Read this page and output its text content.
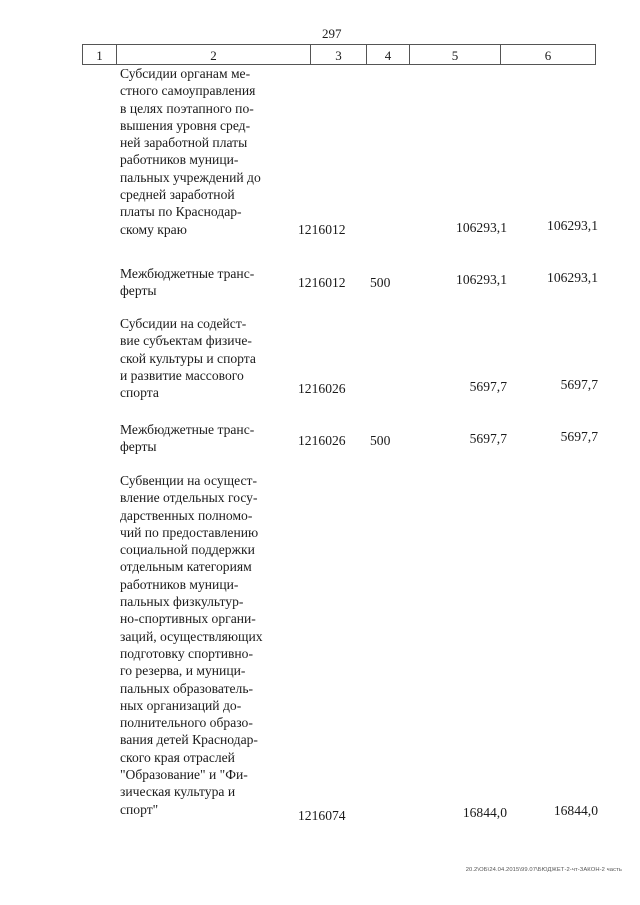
297
1	2	3	4	5	6
Субсидии органам ме-
стного самоуправления
в целях поэтапного по-
вышения уровня сред-
ней заработной платы
работников муници-
пальных учреждений до
средней заработной
платы по Краснодар-
скому краю	1216012	106293,1	106293,1
Межбюджетные транс-
ферты
1216012 500	106293,1	106293,1
Субсидии на содейст-
вие субъектам физиче-
ской культуры и спорта
и развитие массового
спорта	1216026	5697,7	5697,7
Межбюджетные транс-
ферты	1216026 500	5697,7	5697,7
Субвенции на осущест-
вление отдельных госу-
дарственных полномо-
чий по предоставлению
социальной поддержки
отдельным категориям
работников муници-
пальных физкультур-
но-спортивных органи-
заций, осуществляющих
подготовку спортивно-
го резерва, и муници-
пальных образователь-
ных организаций до-
полнительного образо-
вания детей Краснодар-
ского края отраслей
"Образование" и "Фи-
зическая культура и
спорт"	1216074	16844,0	16844,0
20.2\ОБ\24.04.2015\99.07\БЮДЖЕТ-2-чт-ЗАКОН-2 часть
